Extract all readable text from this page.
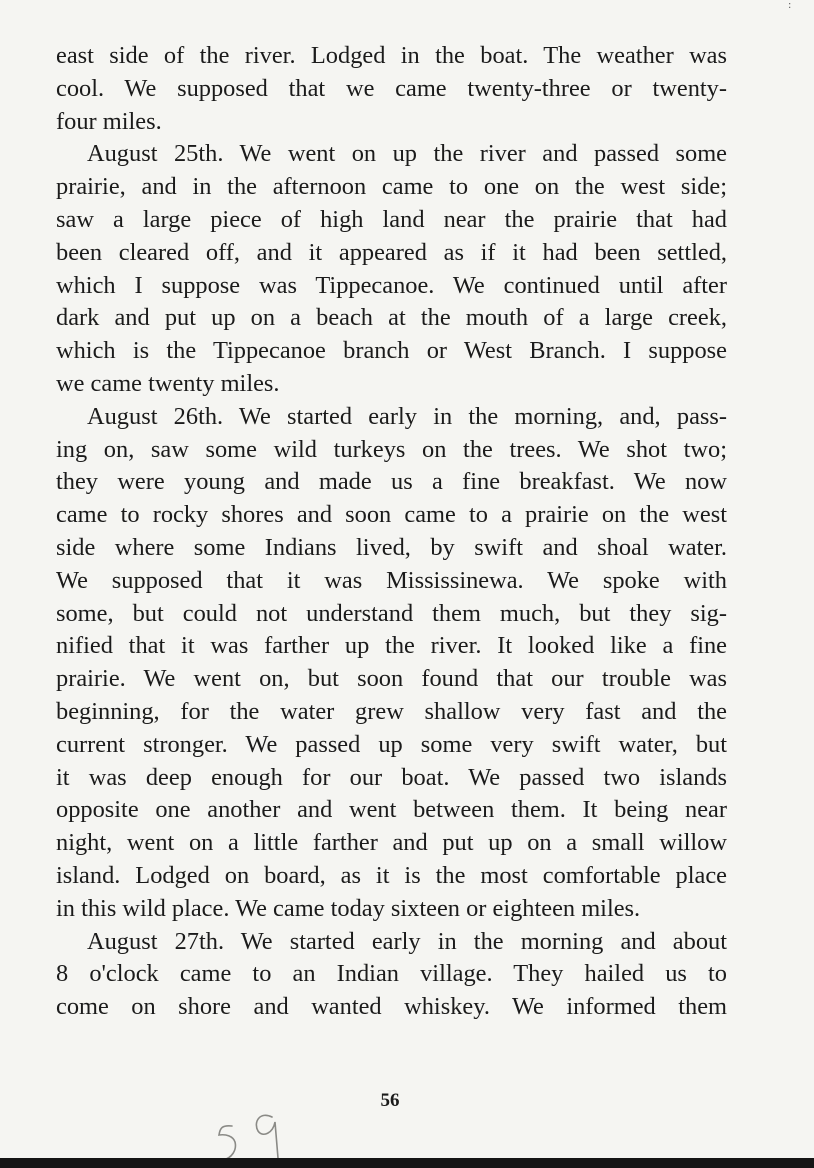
east side of the river. Lodged in the boat. The weather was
cool. We supposed that we came twenty-three or twenty-
four miles.
August 25th. We went on up the river and passed some
prairie, and in the afternoon came to one on the west side;
saw a large piece of high land near the prairie that had
been cleared off, and it appeared as if it had been settled,
which I suppose was Tippecanoe. We continued until after
dark and put up on a beach at the mouth of a large creek,
which is the Tippecanoe branch or West Branch. I suppose
we came twenty miles.
August 26th. We started early in the morning, and, pass-
ing on, saw some wild turkeys on the trees. We shot two;
they were young and made us a fine breakfast. We now
came to rocky shores and soon came to a prairie on the west
side where some Indians lived, by swift and shoal water.
We supposed that it was Mississinewa. We spoke with
some, but could not understand them much, but they sig-
nified that it was farther up the river. It looked like a fine
prairie. We went on, but soon found that our trouble was
beginning, for the water grew shallow very fast and the
current stronger. We passed up some very swift water, but
it was deep enough for our boat. We passed two islands
opposite one another and went between them. It being near
night, went on a little farther and put up on a small willow
island. Lodged on board, as it is the most comfortable place
in this wild place. We came today sixteen or eighteen miles.
August 27th. We started early in the morning and about
8 o'clock came to an Indian village. They hailed us to
come on shore and wanted whiskey. We informed them
56
:
